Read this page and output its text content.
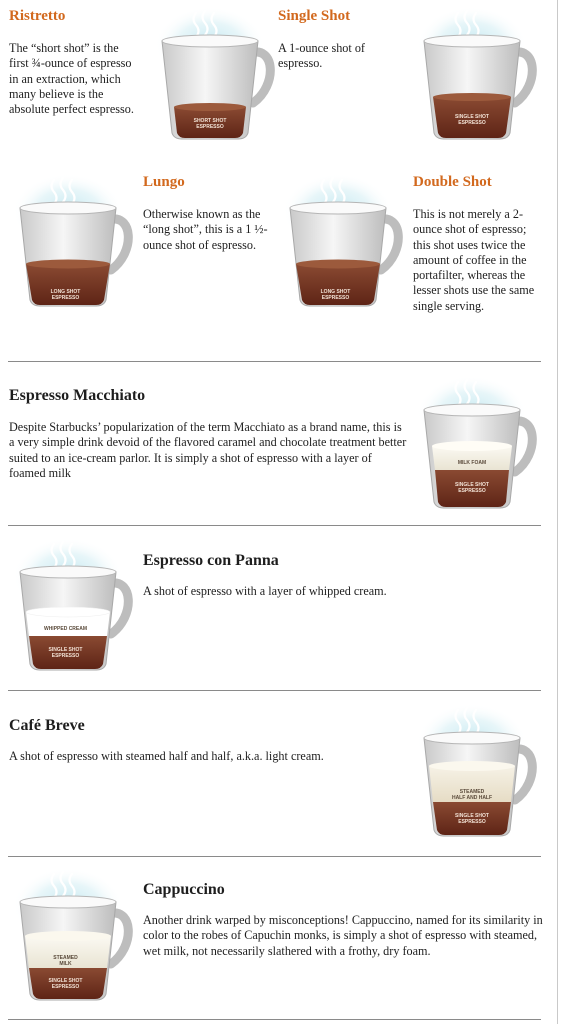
SHORT SHOT
ESPRESSO
Ristretto

The “short shot” is the first ¾-ounce of espresso in an extraction, which many believe is the absolute perfect espresso.

Single Shot

A 1-ounce shot of espresso.

SINGLE SHOT
ESPRESSO
LONG SHOT
ESPRESSO
Lungo

Otherwise known as the “long shot”, this is a 1 ½-ounce shot of espresso.

LONG SHOT
ESPRESSO
Double Shot

This is not merely a 2-ounce shot of espresso; this shot uses twice the amount of coffee in the portafilter, whereas the lesser shots use the same single serving.

Espresso Macchiato

Despite Starbucks’ popularization of the term Macchiato as a brand name, this is a very simple drink devoid of the flavored caramel and chocolate treatment better suited to an ice-cream parlor. It is simply a shot of espresso with a layer of foamed milk

MILK FOAM
SINGLE SHOT
ESPRESSO
WHIPPED CREAM
SINGLE SHOT
ESPRESSO
Espresso con Panna

A shot of espresso with a layer of whipped cream.

Café Breve

A shot of espresso with steamed half and half, a.k.a. light cream.

STEAMED
HALF AND HALF
SINGLE SHOT
ESPRESSO
STEAMED
MILK
SINGLE SHOT
ESPRESSO
Cappuccino

Another drink warped by misconceptions! Cappuccino, named for its similarity in color to the robes of Capuchin monks, is simply a shot of espresso with steamed, wet milk, not necessarily slathered with a frothy, dry foam.
